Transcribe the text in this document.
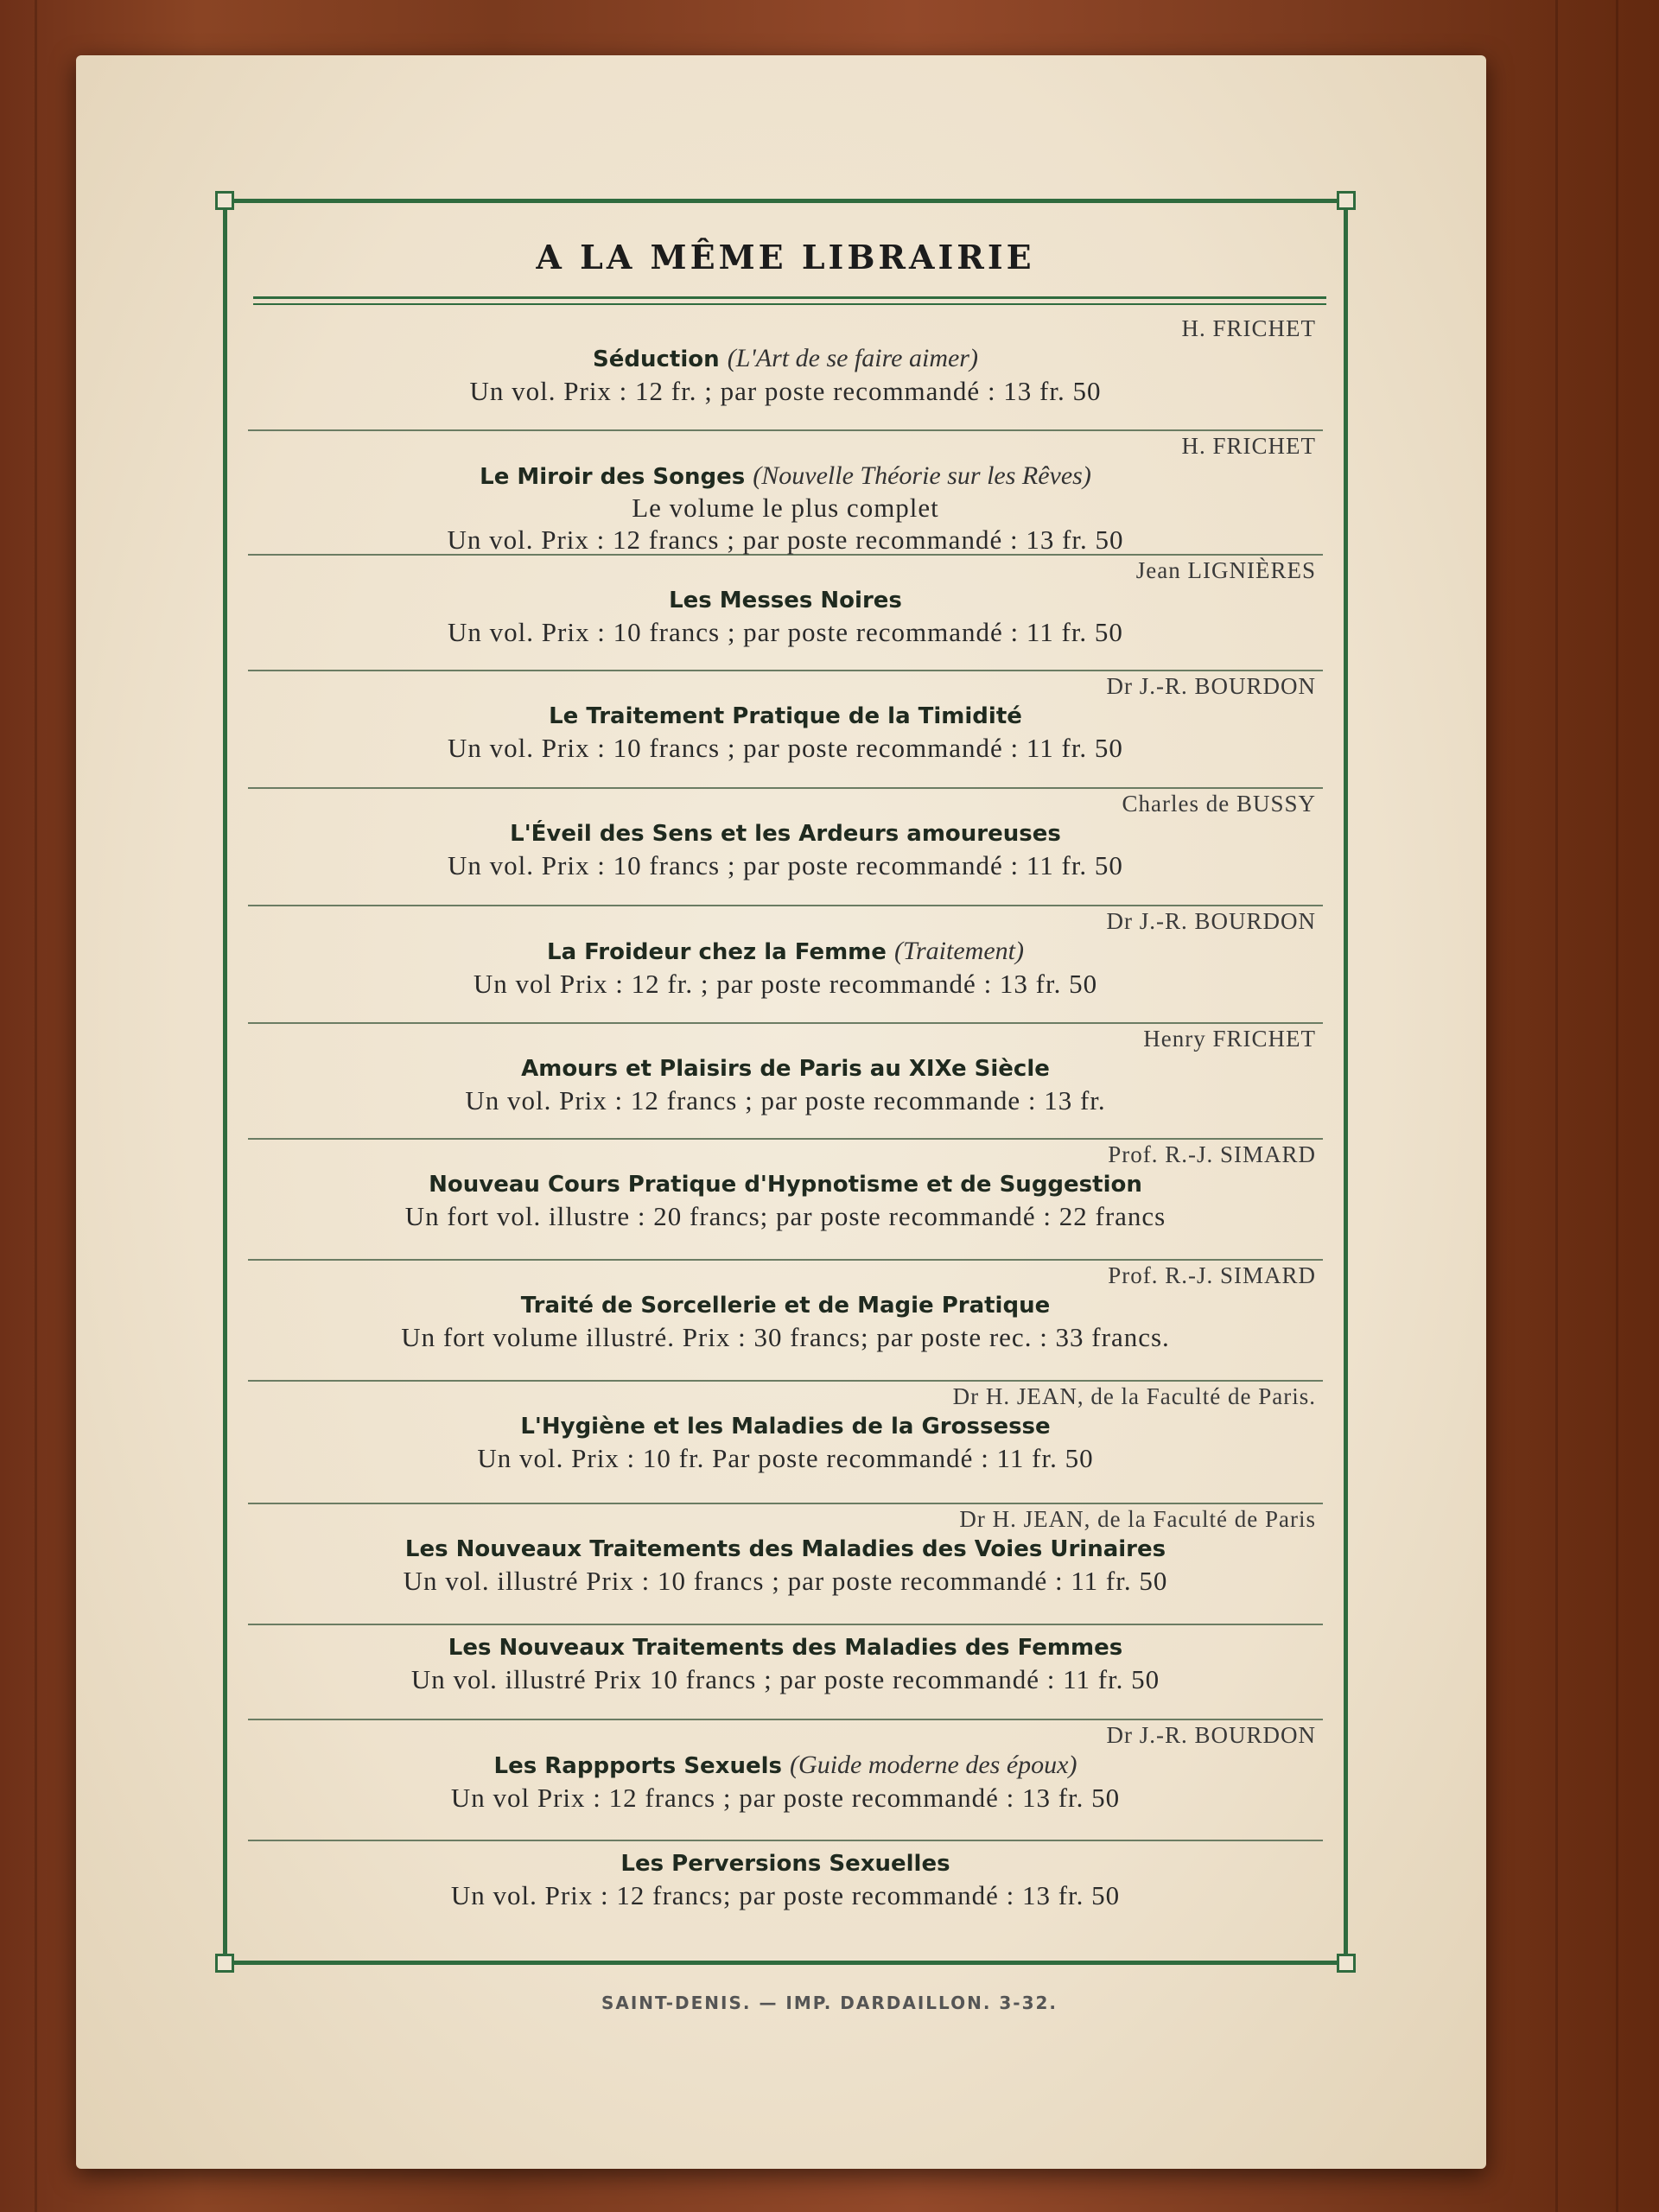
A LA MÊME LIBRAIRIE
H. FRICHET
Séduction (L'Art de se faire aimer)
Un vol. Prix : 12 fr. ; par poste recommandé : 13 fr. 50
H. FRICHET
Le Miroir des Songes (Nouvelle Théorie sur les Rêves)
Le volume le plus complet
Un vol. Prix : 12 francs ; par poste recommandé : 13 fr. 50
Jean LIGNIÈRES
Les Messes Noires
Un vol. Prix : 10 francs ; par poste recommandé : 11 fr. 50
Dr J.-R. BOURDON
Le Traitement Pratique de la Timidité
Un vol. Prix : 10 francs ; par poste recommandé : 11 fr. 50
Charles de BUSSY
L'Éveil des Sens et les Ardeurs amoureuses
Un vol. Prix : 10 francs ; par poste recommandé : 11 fr. 50
Dr J.-R. BOURDON
La Froideur chez la Femme (Traitement)
Un vol Prix : 12 fr. ; par poste recommandé : 13 fr. 50
Henry FRICHET
Amours et Plaisirs de Paris au XIXe Siècle
Un vol. Prix : 12 francs ; par poste recommande : 13 fr.
Prof. R.-J. SIMARD
Nouveau Cours Pratique d'Hypnotisme et de Suggestion
Un fort vol. illustre : 20 francs; par poste recommandé : 22 francs
Prof. R.-J. SIMARD
Traité de Sorcellerie et de Magie Pratique
Un fort volume illustré. Prix : 30 francs; par poste rec. : 33 francs.
Dr H. JEAN, de la Faculté de Paris.
L'Hygiène et les Maladies de la Grossesse
Un vol. Prix : 10 fr. Par poste recommandé : 11 fr. 50
Dr H. JEAN, de la Faculté de Paris
Les Nouveaux Traitements des Maladies des Voies Urinaires
Un vol. illustré Prix : 10 francs ; par poste recommandé : 11 fr. 50
Les Nouveaux Traitements des Maladies des Femmes
Un vol. illustré Prix 10 francs ; par poste recommandé : 11 fr. 50
Dr J.-R. BOURDON
Les Rappports Sexuels (Guide moderne des époux)
Un vol Prix : 12 francs ; par poste recommandé : 13 fr. 50
Les Perversions Sexuelles
Un vol. Prix : 12 francs; par poste recommandé : 13 fr. 50
SAINT-DENIS. — IMP. DARDAILLON. 3-32.
